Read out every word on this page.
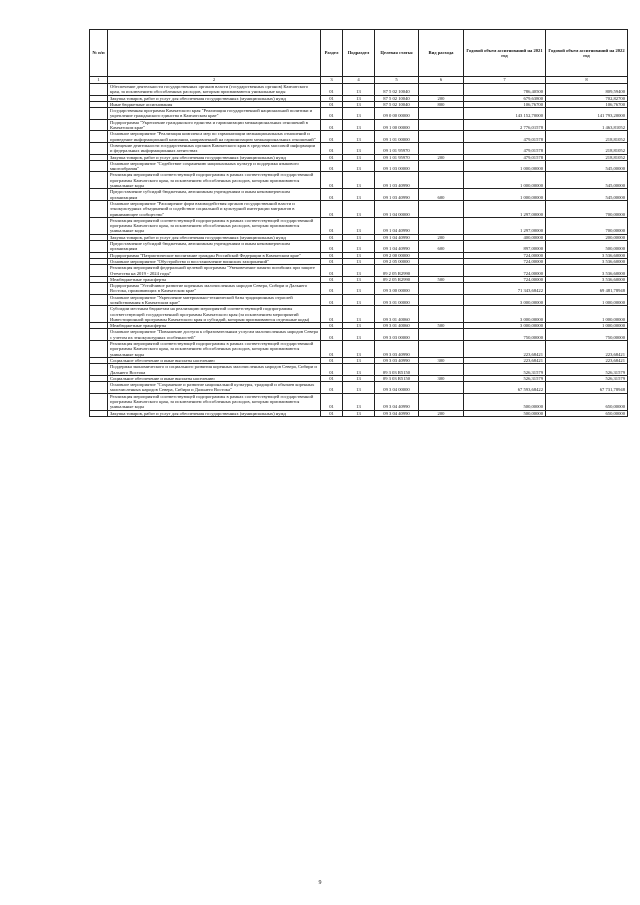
№ п/п		Раздел	Подраздел	Целевая статья	Вид расхода	Годовой объем ассигнований на 2021 год	Годовой объем ассигнований на 2022 год
1	2	3	4	5	6	7	8
	Обеспечение деятельности государственных органов власти (государственных органов) Камчатского края, за исключением обособленных расходов, которым присваиваются уникальные коды	01	13	87 5 02 10040		786,40500	809,59400
	Закупка товаров, работ и услуг для обеспечения государственных (муниципальных) нужд	01	13	87 5 02 10040	200	679,63800	702,82700
	Иные бюджетные ассигнования	01	13	87 5 02 10040	800	106,76700	106,76700
	Государственная программа Камчатского края "Реализация государственной национальной политики и укрепление гражданского единства в Камчатском крае"	01	13	09 0 00 00000		143 152,70000	141 793,20000
	Подпрограмма "Укрепление гражданского единства и гармонизации межнациональных отношений в Камчатском крае"	01	13	09 1 00 00000		2 776,01578	1 463,81052
	Основное мероприятие "Реализация комплекса мер по гармонизации межнациональных отношений и проведение информационной кампании, направленной на гармонизацию межнациональных отношений"	01	13	09 1 01 00000		479,01578	218,81052
	Освещение деятельности государственных органов Камчатского края в средствах массовой информации и федеральных информационных агентствах	01	13	09 1 01 95970		479,01578	218,81052
	Закупка товаров, работ и услуг для обеспечения государственных (муниципальных) нужд	01	13	09 1 01 95970	200	479,01578	218,81052
	Основное мероприятие "Содействие сохранению национальных культур и поддержка языкового многообразия"	01	13	09 1 03 00000		1 000,00000	545,00000
	Реализация мероприятий соответствующей подпрограммы в рамках соответствующей государственной программы Камчатского края, за исключением обособленных расходов, которым присваиваются уникальные коды	01	13	09 1 03 40990		1 000,00000	545,00000
	Предоставление субсидий бюджетным, автономным учреждениям и иным некоммерческим организациям	01	13	09 1 03 40990	600	1 000,00000	545,00000
	Основное мероприятие "Расширение форм взаимодействия органов государственной власти и этнокультурных объединений и содействие социальной и культурной интеграции мигрантов в принимающее сообщество"	01	13	09 1 04 00000		1 297,00000	700,00000
	Реализация мероприятий соответствующей подпрограммы в рамках соответствующей государственной программы Камчатского края, за исключением обособленных расходов, которым присваиваются уникальные коды	01	13	09 1 04 40990		1 297,00000	700,00000
	Закупка товаров, работ и услуг для обеспечения государственных (муниципальных) нужд	01	13	09 1 04 40990	200	400,00000	200,00000
	Предоставление субсидий бюджетным, автономным учреждениям и иным некоммерческим организациям	01	13	09 1 04 40990	600	897,00000	500,00000
	Подпрограмма "Патриотическое воспитание граждан Российской Федерации в Камчатском крае"	01	13	09 2 00 00000		724,00000	3 536,60000
	Основное мероприятие "Обустройство и восстановление воинских захоронений"	01	13	09 2 05 00000		724,00000	3 536,60000
	Реализация мероприятий федеральной целевой программы "Увековечение памяти погибших при защите Отечества на 2019 - 2024 годы"	01	13	09 2 05 R2990		724,00000	3 536,60000
	Межбюджетные трансферты	01	13	09 2 05 R2990	500	724,00000	3 536,60000
	Подпрограмма "Устойчивое развитие коренных малочисленных народов Севера, Сибири и Дальнего Востока, проживающих в Камчатском крае"	01	13	09 3 00 00000		71 343,68422	69 481,78948
	Основное мероприятие "Укрепление материально-технической базы традиционных отраслей хозяйствования в Камчатском крае"	01	13	09 3 01 00000		3 000,00000	1 000,00000
	Субсидии местным бюджетам на реализацию мероприятий соответствующей подпрограммы соответствующей государственной программы Камчатского края (за исключением мероприятий Инвестиционной программы Камчатского края и субсидий, которым присваиваются отдельные коды)	01	13	09 3 01 40060		3 000,00000	1 000,00000
	Межбюджетные трансферты	01	13	09 3 01 40060	500	3 000,00000	1 000,00000
	Основное мероприятие "Повышение доступа к образовательным услугам малочисленных народов Севера с учетом их этнокультурных особенностей"	01	13	09 3 03 00000		750,00000	750,00000
	Реализация мероприятий соответствующей подпрограммы в рамках соответствующей государственной программы Камчатского края, за исключением обособленных расходов, которым присваиваются уникальные коды	01	13	09 3 03 40990		223,68421	223,68421
	Социальное обеспечение и иные выплаты населению	01	13	09 3 03 40990	300	223,68421	223,68421
	Поддержка экономического и социального развития коренных малочисленных народов Севера, Сибири и Дальнего Востока	01	13	09 3 03 R5150		526,31579	526,31579
	Социальное обеспечение и иные выплаты населению	01	13	09 3 03 R5150	300	526,31579	526,31579
	Основное мероприятие "Сохранение и развитие национальной культуры, традиций и обычаев коренных малочисленных народов Севера, Сибири и Дальнего Востока"	01	13	09 3 04 00000		67 593,68422	67 731,78948
	Реализация мероприятий соответствующей подпрограммы в рамках соответствующей государственной программы Камчатского края, за исключением обособленных расходов, которым присваиваются уникальные коды	01	13	09 3 04 40990		500,00000	650,00000
	Закупка товаров, работ и услуг для обеспечения государственных (муниципальных) нужд	01	13	09 3 04 40990	200	500,00000	650,00000
9
